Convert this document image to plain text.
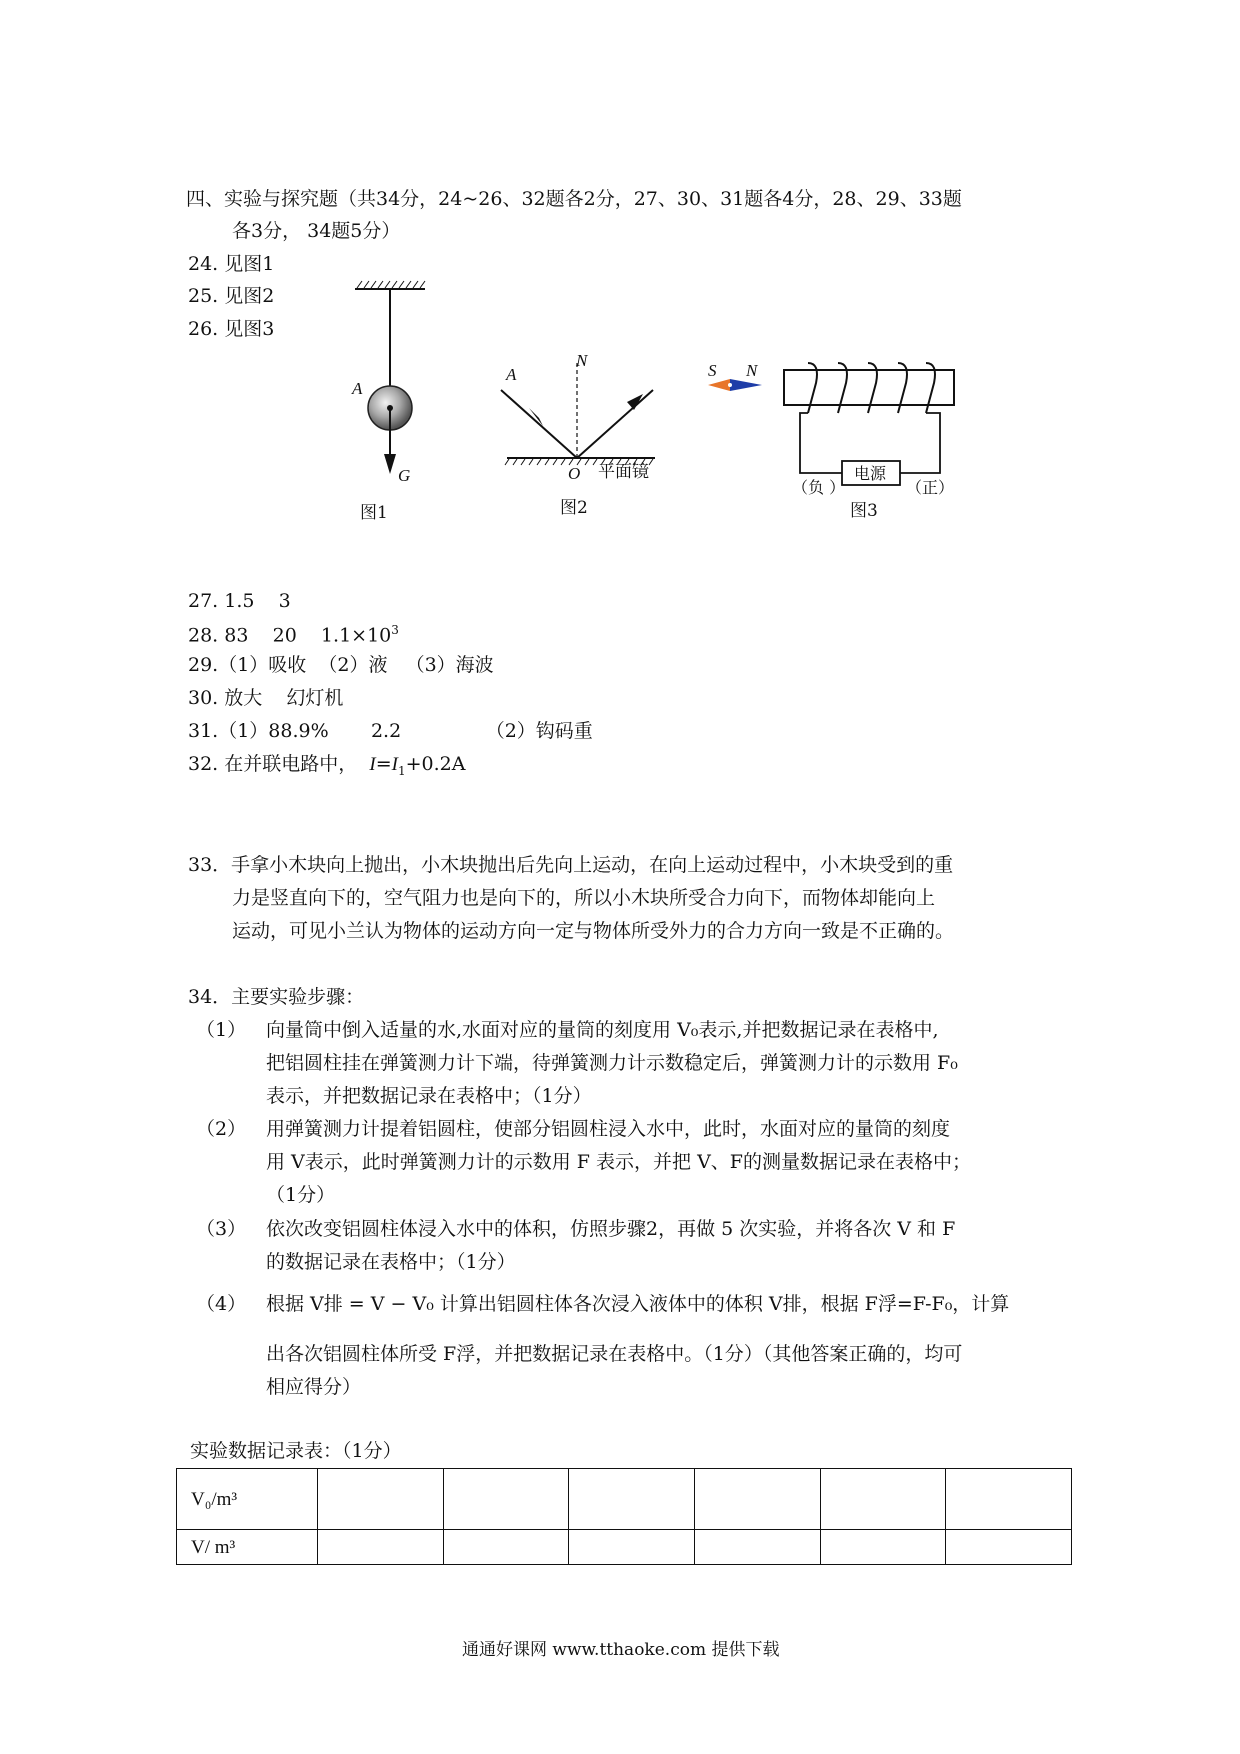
四、实验与探究题（共34分，24~26、32题各2分，27、30、31题各4分，28、29、33题
各3分， 34题5分）
24. 见图1
25. 见图2
26. 见图3
A
G
图1
A
N
O 平面镜
图2
S N
电源
（负 ）	（正）
图3
27. 1.5    3
28. 83    20    $1.1\times 10^3$
29.（1）吸收  （2）液   （3）海波
30. 放大    幻灯机
31.（1）88.9%       2.2              （2）钩码重
32. 在并联电路中， $I=I_1+0.2A$
33．手拿小木块向上抛出，小木块抛出后先向上运动，在向上运动过程中，小木块受到的重
力是竖直向下的，空气阻力也是向下的，所以小木块所受合力向下，而物体却能向上
运动，可见小兰认为物体的运动方向一定与物体所受外力的合力方向一致是不正确的。
34．主要实验步骤：
（1） 向量筒中倒入适量的水,水面对应的量筒的刻度用 V₀表示,并把数据记录在表格中,
把铝圆柱挂在弹簧测力计下端，待弹簧测力计示数稳定后，弹簧测力计的示数用 F₀
表示，并把数据记录在表格中；（1分）
（2） 用弹簧测力计提着铝圆柱，使部分铝圆柱浸入水中，此时，水面对应的量筒的刻度
用 V表示，此时弹簧测力计的示数用 F 表示，并把 V、F的测量数据记录在表格中；
（1分）
（3） 依次改变铝圆柱体浸入水中的体积，仿照步骤2，再做 5 次实验，并将各次 V 和 F
的数据记录在表格中；（1分）
（4） 根据 V排 = V − V₀ 计算出铝圆柱体各次浸入液体中的体积 V排，根据 F浮=F-F₀，计算
出各次铝圆柱体所受 F浮，并把数据记录在表格中。（1分）（其他答案正确的，均可
相应得分）
实验数据记录表：（1分）
V₀/m³						
V/ m³						
通通好课网 www.tthaoke.com 提供下载
